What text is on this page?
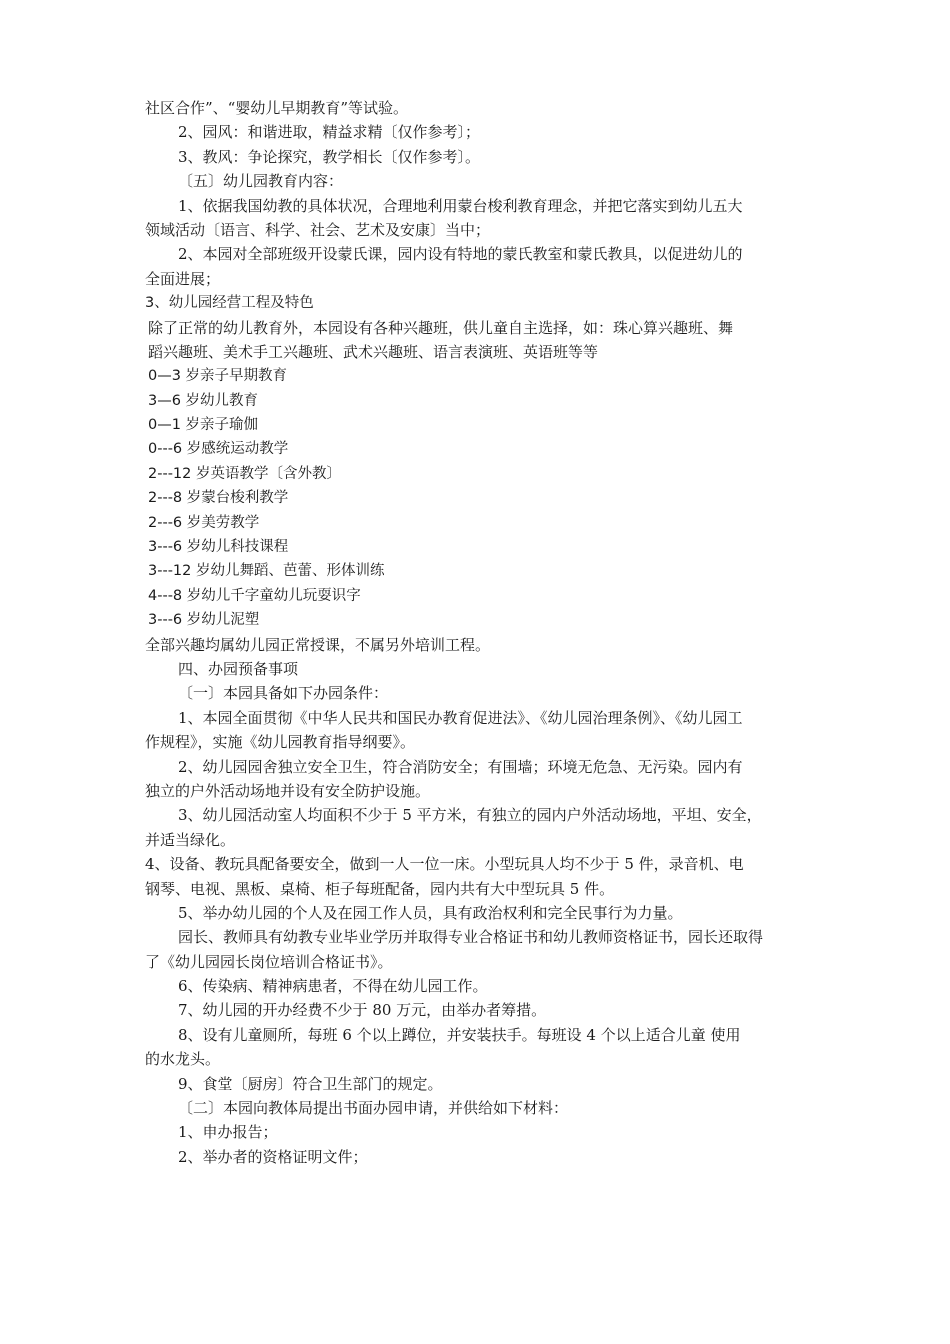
社区合作”、“婴幼儿早期教育”等试验。
2、园风：和谐进取，精益求精〔仅作参考〕；
3、教风：争论探究，教学相长〔仅作参考〕。
〔五〕幼儿园教育内容：
1、依据我国幼教的具体状况，合理地利用蒙台梭利教育理念，并把它落实到幼儿五大
领域活动〔语言、科学、社会、艺术及安康〕当中；
2、本园对全部班级开设蒙氏课，园内设有特地的蒙氏教室和蒙氏教具，以促进幼儿的
全面进展；
3、幼儿园经营工程及特色
除了正常的幼儿教育外，本园设有各种兴趣班，供儿童自主选择，如：珠心算兴趣班、舞
蹈兴趣班、美术手工兴趣班、武术兴趣班、语言表演班、英语班等等
0—3 岁亲子早期教育
3—6 岁幼儿教育
0—1 岁亲子瑜伽
0---6 岁感统运动教学
2---12 岁英语教学〔含外教〕
2---8 岁蒙台梭利教学
2---6 岁美劳教学
3---6 岁幼儿科技课程
3---12 岁幼儿舞蹈、芭蕾、形体训练
4---8 岁幼儿千字童幼儿玩耍识字
3---6 岁幼儿泥塑
全部兴趣均属幼儿园正常授课，不属另外培训工程。
四、办园预备事项
〔一〕本园具备如下办园条件：
1、本园全面贯彻《中华人民共和国民办教育促进法》、《幼儿园治理条例》、《幼儿园工
作规程》，实施《幼儿园教育指导纲要》。
2、幼儿园园舍独立安全卫生，符合消防安全；有围墙；环境无危急、无污染。园内有
独立的户外活动场地并设有安全防护设施。
3、幼儿园活动室人均面积不少于 5 平方米，有独立的园内户外活动场地，平坦、安全，
并适当绿化。
4、设备、教玩具配备要安全，做到一人一位一床。小型玩具人均不少于 5 件，录音机、电
钢琴、电视、黑板、桌椅、柜子每班配备，园内共有大中型玩具 5 件。
5、举办幼儿园的个人及在园工作人员，具有政治权利和完全民事行为力量。
园长、教师具有幼教专业毕业学历并取得专业合格证书和幼儿教师资格证书，园长还取得
了《幼儿园园长岗位培训合格证书》。
6、传染病、精神病患者，不得在幼儿园工作。
7、幼儿园的开办经费不少于 80 万元，由举办者筹措。
8、设有儿童厕所，每班 6 个以上蹲位，并安装扶手。每班设 4 个以上适合儿童 使用
的水龙头。
9、食堂〔厨房〕符合卫生部门的规定。
〔二〕本园向教体局提出书面办园申请，并供给如下材料：
1、申办报告；
2、举办者的资格证明文件；
